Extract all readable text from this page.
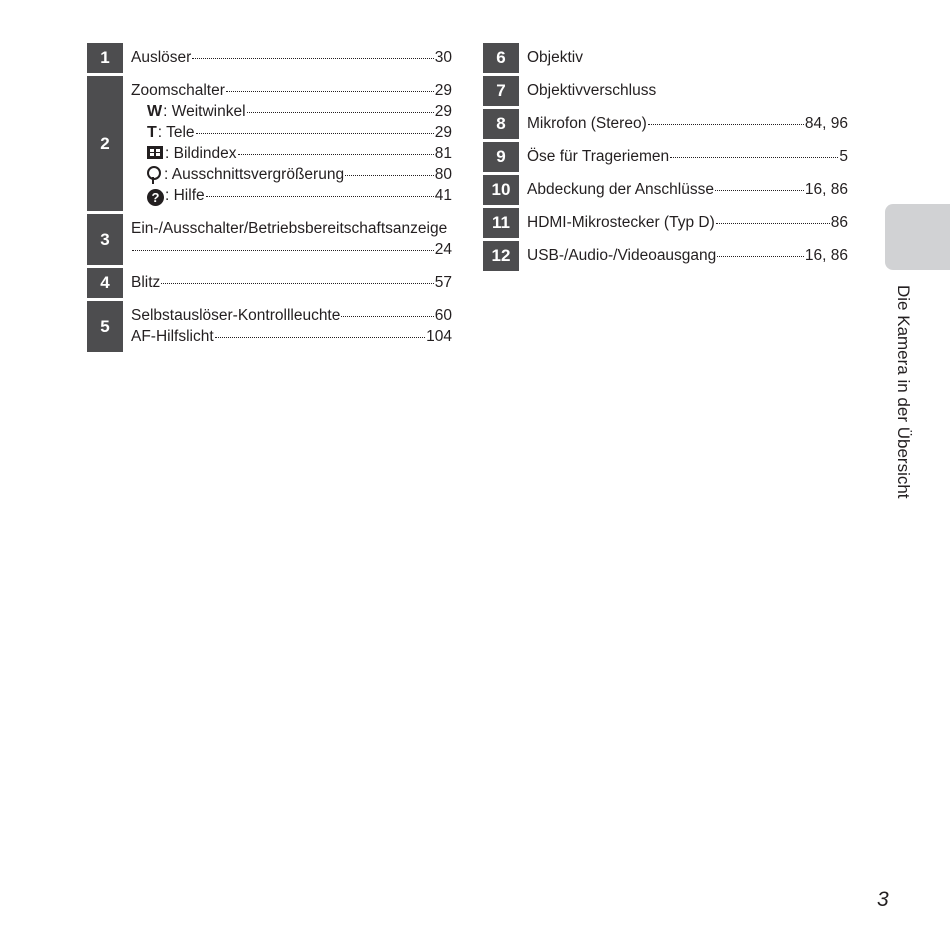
1	Auslöser	30
2
Zoomschalter	29
W: Weitwinkel	29
T: Tele	29
: Bildindex	81
: Ausschnittsvergrößerung	80
? : Hilfe	41
3
Ein-/Ausschalter/Betriebsbereitschaftsanzeige
24
4	Blitz	57
5
Selbstauslöser-Kontrollleuchte	60
AF-Hilfslicht	104
6	Objektiv
7	Objektivverschluss
8	Mikrofon (Stereo)	84, 96
9	Öse für Trageriemen	5
10	Abdeckung der Anschlüsse	16, 86
11	HDMI-Mikrostecker (Typ D)	86
12	USB-/Audio-/Videoausgang	16, 86
Die Kamera in der Übersicht
3
